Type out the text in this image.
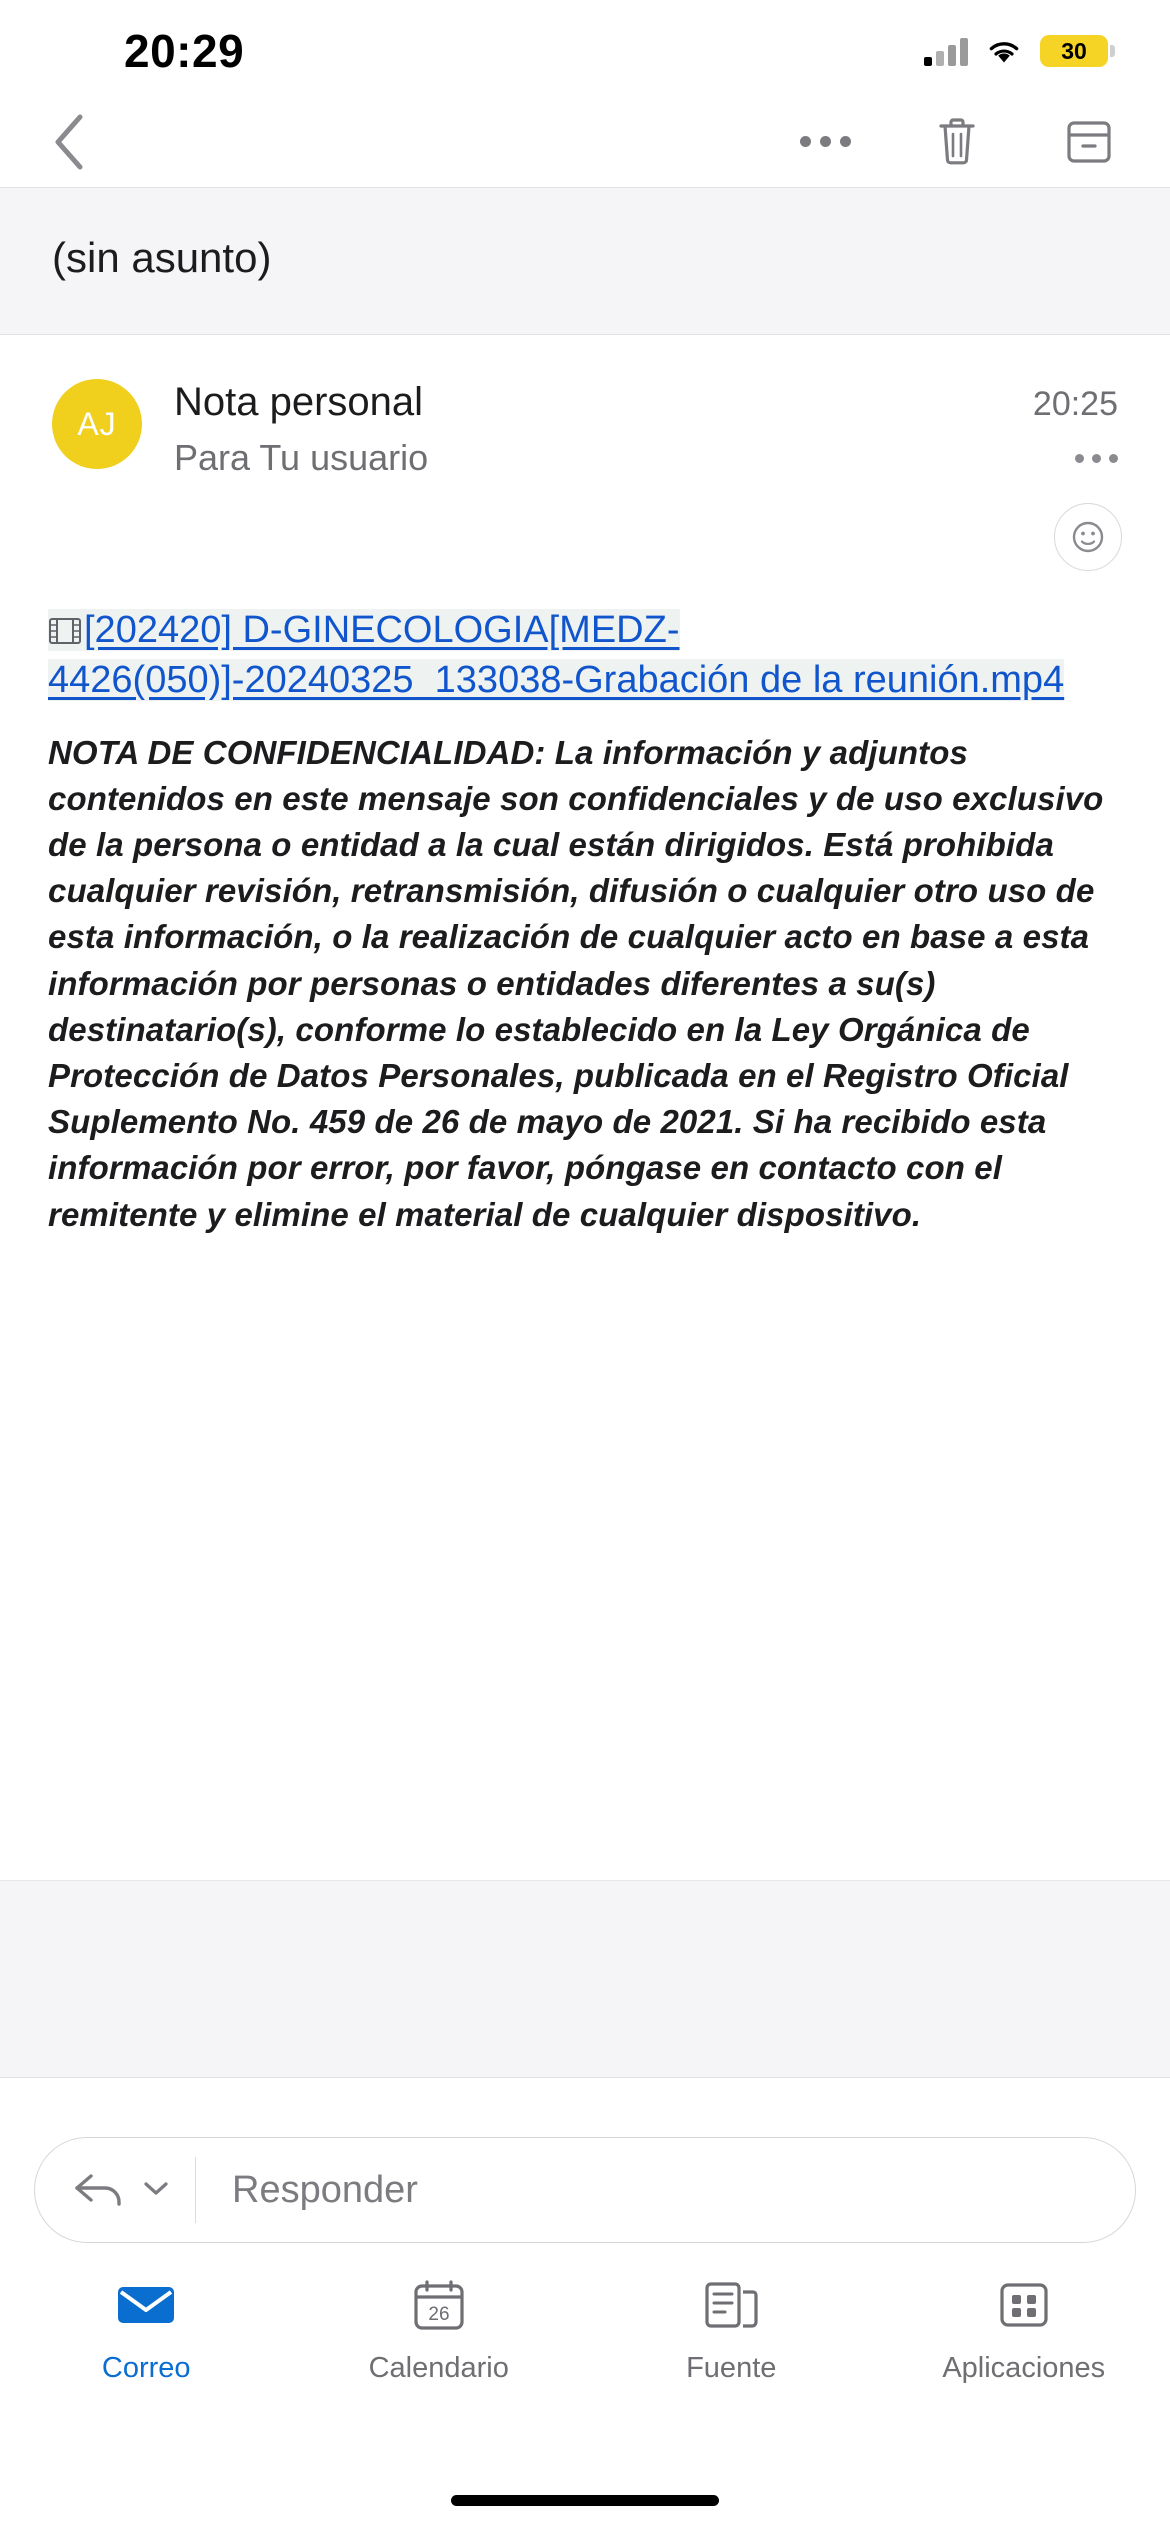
20:29	30
(sin asunto)
AJ	Nota personal
Para Tu usuario
20:25
[202420] D-GINECOLOGIA[MEDZ-4426(050)]-20240325_133038-Grabación de la reunión.mp4
NOTA DE CONFIDENCIALIDAD: La información y adjuntos contenidos en este mensaje son confidenciales y de uso exclusivo de la persona o entidad a la cual están dirigidos. Está prohibida cualquier revisión, retransmisión, difusión o cualquier otro uso de esta información, o la realización de cualquier acto en base a esta información por personas o entidades diferentes a su(s) destinatario(s), conforme lo establecido en la Ley Orgánica de Protección de Datos Personales, publicada en el Registro Oficial Suplemento No. 459 de 26 de mayo de 2021. Si ha recibido esta información por error, por favor, póngase en contacto con el remitente y elimine el material de cualquier dispositivo.
Responder
Correo
26
Calendario	Fuente	Aplicaciones
